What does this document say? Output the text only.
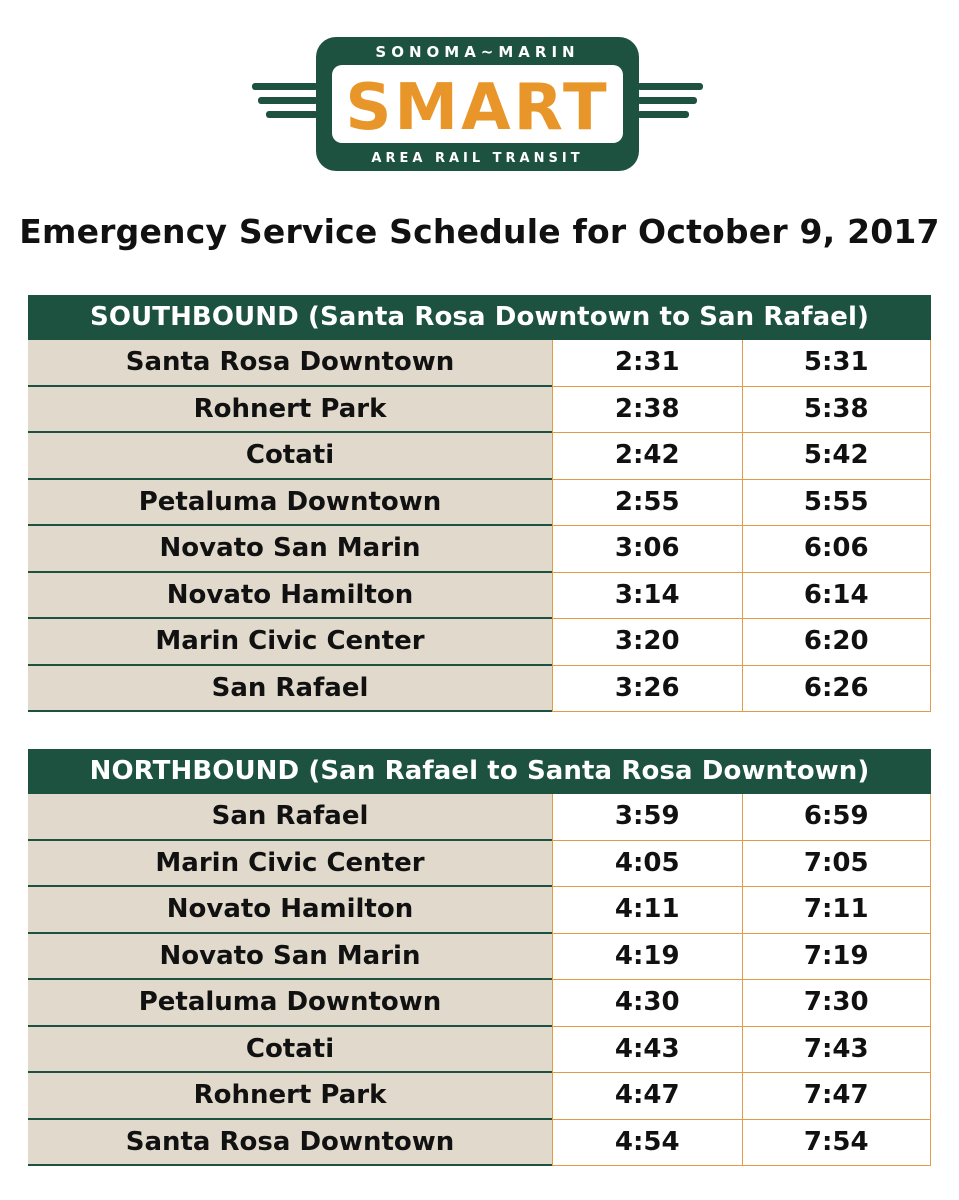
SONOMA~MARIN
SMART
AREA RAIL TRANSIT
Emergency Service Schedule for October 9, 2017
SOUTHBOUND (Santa Rosa Downtown to San Rafael)
Santa Rosa Downtown	2:31	5:31
Rohnert Park	2:38	5:38
Cotati	2:42	5:42
Petaluma Downtown	2:55	5:55
Novato San Marin	3:06	6:06
Novato Hamilton	3:14	6:14
Marin Civic Center	3:20	6:20
San Rafael	3:26	6:26
NORTHBOUND (San Rafael to Santa Rosa Downtown)
San Rafael	3:59	6:59
Marin Civic Center	4:05	7:05
Novato Hamilton	4:11	7:11
Novato San Marin	4:19	7:19
Petaluma Downtown	4:30	7:30
Cotati	4:43	7:43
Rohnert Park	4:47	7:47
Santa Rosa Downtown	4:54	7:54
